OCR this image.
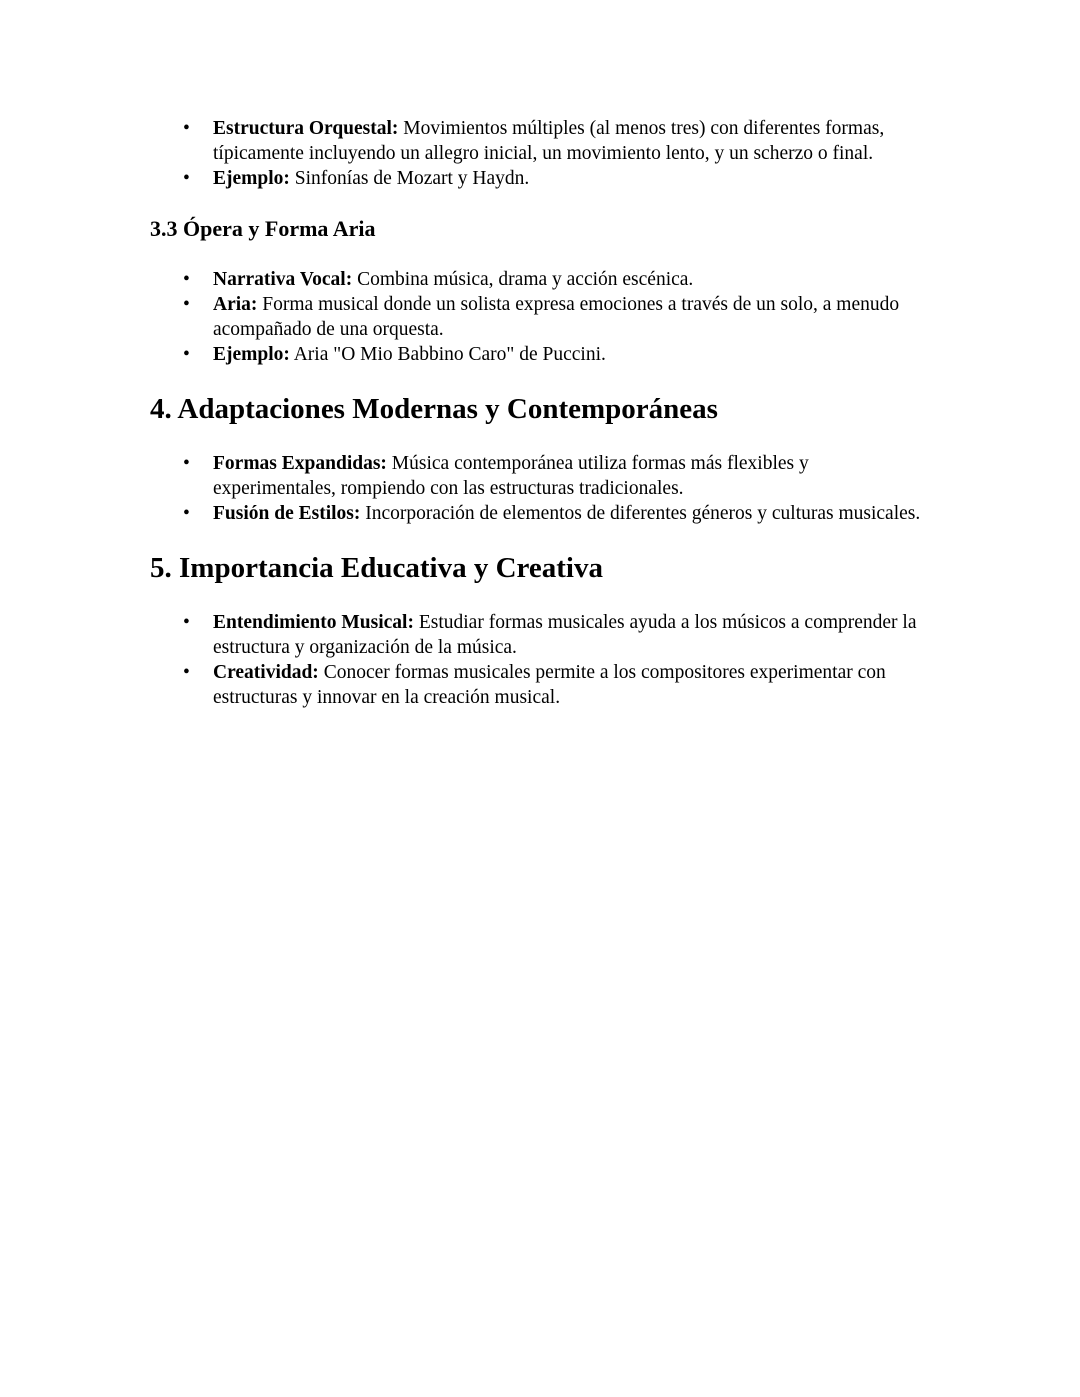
• Estructura Orquestal: Movimientos múltiples (al menos tres) con diferentes formas, típicamente incluyendo un allegro inicial, un movimiento lento, y un scherzo o final.
• Ejemplo: Sinfonías de Mozart y Haydn.
3.3 Ópera y Forma Aria
• Narrativa Vocal: Combina música, drama y acción escénica.
• Aria: Forma musical donde un solista expresa emociones a través de un solo, a menudo acompañado de una orquesta.
• Ejemplo: Aria "O Mio Babbino Caro" de Puccini.
4. Adaptaciones Modernas y Contemporáneas
• Formas Expandidas: Música contemporánea utiliza formas más flexibles y experimentales, rompiendo con las estructuras tradicionales.
• Fusión de Estilos: Incorporación de elementos de diferentes géneros y culturas musicales.
5. Importancia Educativa y Creativa
• Entendimiento Musical: Estudiar formas musicales ayuda a los músicos a comprender la estructura y organización de la música.
• Creatividad: Conocer formas musicales permite a los compositores experimentar con estructuras y innovar en la creación musical.
